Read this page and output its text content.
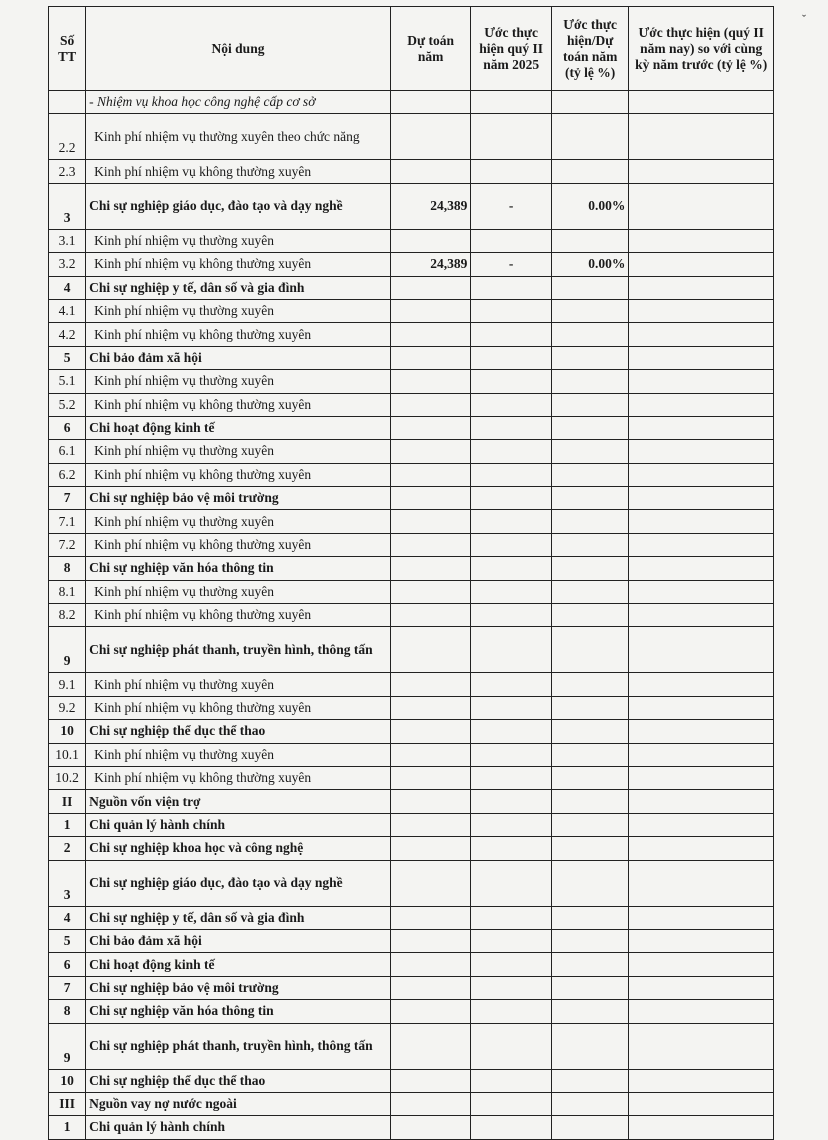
ˇ
Số TT	Nội dung	Dự toán năm	Ước thực hiện quý II năm 2025	Ước thực hiện/Dự toán năm (tỷ lệ %)	Ước thực hiện (quý II năm nay) so với cùng kỳ năm trước (tỷ lệ %)
	- Nhiệm vụ khoa học công nghệ cấp cơ sở				
2.2	Kinh phí nhiệm vụ thường xuyên theo chức năng				
2.3	Kinh phí nhiệm vụ không thường xuyên				
3	Chi sự nghiệp giáo dục, đào tạo và dạy nghề	24,389	-	0.00%	
3.1	Kinh phí nhiệm vụ thường xuyên				
3.2	Kinh phí nhiệm vụ không thường xuyên	24,389	-	0.00%	
4	Chi sự nghiệp y tế, dân số và gia đình				
4.1	Kinh phí nhiệm vụ thường xuyên				
4.2	Kinh phí nhiệm vụ không thường xuyên				
5	Chi bảo đảm xã hội				
5.1	Kinh phí nhiệm vụ thường xuyên				
5.2	Kinh phí nhiệm vụ không thường xuyên				
6	Chi hoạt động kinh tế				
6.1	Kinh phí nhiệm vụ thường xuyên				
6.2	Kinh phí nhiệm vụ không thường xuyên				
7	Chi sự nghiệp bảo vệ môi trường				
7.1	Kinh phí nhiệm vụ thường xuyên				
7.2	Kinh phí nhiệm vụ không thường xuyên				
8	Chi sự nghiệp văn hóa thông tin				
8.1	Kinh phí nhiệm vụ thường xuyên				
8.2	Kinh phí nhiệm vụ không thường xuyên				
9	Chi sự nghiệp phát thanh, truyền hình, thông tấn				
9.1	Kinh phí nhiệm vụ thường xuyên				
9.2	Kinh phí nhiệm vụ không thường xuyên				
10	Chi sự nghiệp thể dục thể thao				
10.1	Kinh phí nhiệm vụ thường xuyên				
10.2	Kinh phí nhiệm vụ không thường xuyên				
II	Nguồn vốn viện trợ				
1	Chi quản lý hành chính				
2	Chi sự nghiệp khoa học và công nghệ				
3	Chi sự nghiệp giáo dục, đào tạo và dạy nghề				
4	Chi sự nghiệp y tế, dân số và gia đình				
5	Chi bảo đảm xã hội				
6	Chi hoạt động kinh tế				
7	Chi sự nghiệp bảo vệ môi trường				
8	Chi sự nghiệp văn hóa thông tin				
9	Chi sự nghiệp phát thanh, truyền hình, thông tấn				
10	Chi sự nghiệp thể dục thể thao				
III	Nguồn vay nợ nước ngoài				
1	Chi quản lý hành chính				
